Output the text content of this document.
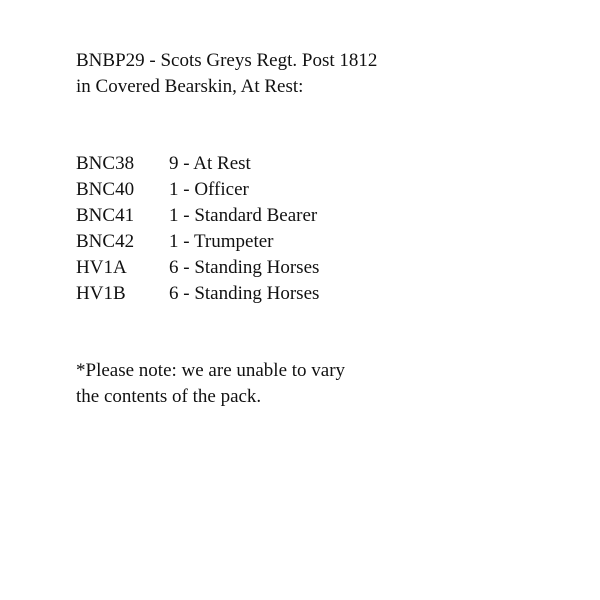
BNBP29 - Scots Greys Regt. Post 1812
in Covered Bearskin, At Rest:
BNC38 9 - At Rest
BNC40 1 - Officer
BNC41 1 - Standard Bearer
BNC42 1 - Trumpeter
HV1A 6 - Standing Horses
HV1B 6 - Standing Horses
*Please note: we are unable to vary
the contents of the pack.
